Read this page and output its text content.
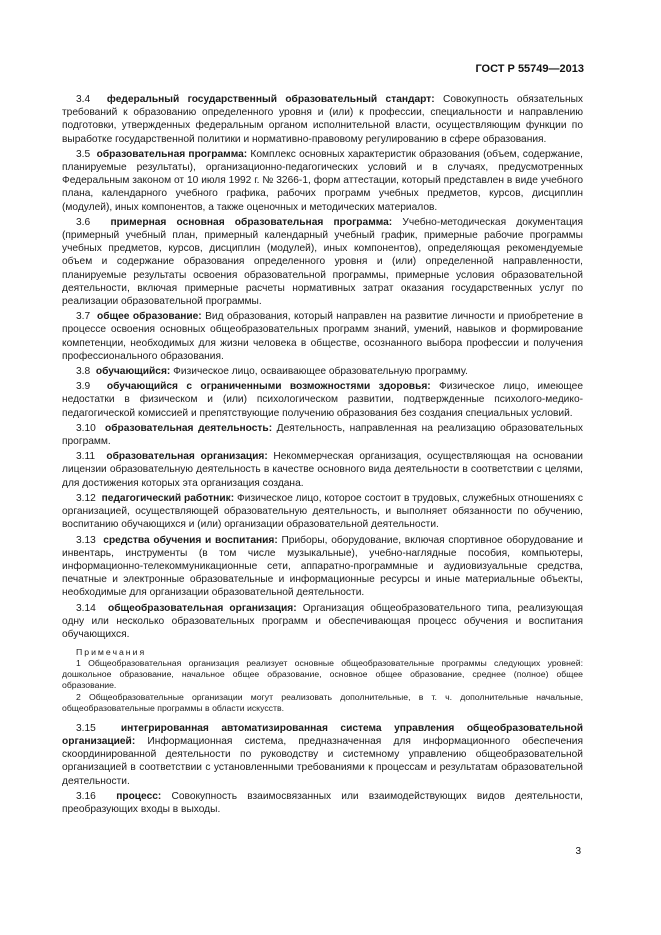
ГОСТ Р 55749—2013

3.4 федеральный государственный образовательный стандарт: Совокупность обязательных требований к образованию определенного уровня и (или) к профессии, специальности и направлению подготовки, утвержденных федеральным органом исполнительной власти, осуществляющим функции по выработке государственной политики и нормативно-правовому регулированию в сфере образования.

3.5 образовательная программа: Комплекс основных характеристик образования (объем, содержание, планируемые результаты), организационно-педагогических условий и в случаях, предусмотренных Федеральным законом от 10 июля 1992 г. № 3266-1, форм аттестации, который представлен в виде учебного плана, календарного учебного графика, рабочих программ учебных предметов, курсов, дисциплин (модулей), иных компонентов, а также оценочных и методических материалов.

3.6 примерная основная образовательная программа: Учебно-методическая документация (примерный учебный план, примерный календарный учебный график, примерные рабочие программы учебных предметов, курсов, дисциплин (модулей), иных компонентов), определяющая рекомендуемые объем и содержание образования определенного уровня и (или) определенной направленности, планируемые результаты освоения образовательной программы, примерные условия образовательной деятельности, включая примерные расчеты нормативных затрат оказания государственных услуг по реализации образовательной программы.

3.7 общее образование: Вид образования, который направлен на развитие личности и приобретение в процессе освоения основных общеобразовательных программ знаний, умений, навыков и формирование компетенции, необходимых для жизни человека в обществе, осознанного выбора профессии и получения профессионального образования.

3.8 обучающийся: Физическое лицо, осваивающее образовательную программу.

3.9 обучающийся с ограниченными возможностями здоровья: Физическое лицо, имеющее недостатки в физическом и (или) психологическом развитии, подтвержденные психолого-медико-педагогической комиссией и препятствующие получению образования без создания специальных условий.

3.10 образовательная деятельность: Деятельность, направленная на реализацию образовательных программ.

3.11 образовательная организация: Некоммерческая организация, осуществляющая на основании лицензии образовательную деятельность в качестве основного вида деятельности в соответствии с целями, для достижения которых эта организация создана.

3.12 педагогический работник: Физическое лицо, которое состоит в трудовых, служебных отношениях с организацией, осуществляющей образовательную деятельность, и выполняет обязанности по обучению, воспитанию обучающихся и (или) организации образовательной деятельности.

3.13 средства обучения и воспитания: Приборы, оборудование, включая спортивное оборудование и инвентарь, инструменты (в том числе музыкальные), учебно-наглядные пособия, компьютеры, информационно-телекоммуникационные сети, аппаратно-программные и аудиовизуальные средства, печатные и электронные образовательные и информационные ресурсы и иные материальные объекты, необходимые для организации образовательной деятельности.

3.14 общеобразовательная организация: Организация общеобразовательного типа, реализующая одну или несколько образовательных программ и обеспечивающая процесс обучения и воспитания обучающихся.

Примечания

1 Общеобразовательная организация реализует основные общеобразовательные программы следующих уровней: дошкольное образование, начальное общее образование, основное общее образование, среднее (полное) общее образование.

2 Общеобразовательные организации могут реализовать дополнительные, в т. ч. дополнительные начальные, общеобразовательные программы в области искусств.

3.15 интегрированная автоматизированная система управления общеобразовательной организацией: Информационная система, предназначенная для информационного обеспечения скоординированной деятельности по руководству и системному управлению общеобразовательной организацией в соответствии с установленными требованиями к процессам и результатам образовательной деятельности.

3.16 процесс: Совокупность взаимосвязанных или взаимодействующих видов деятельности, преобразующих входы в выходы.

3
